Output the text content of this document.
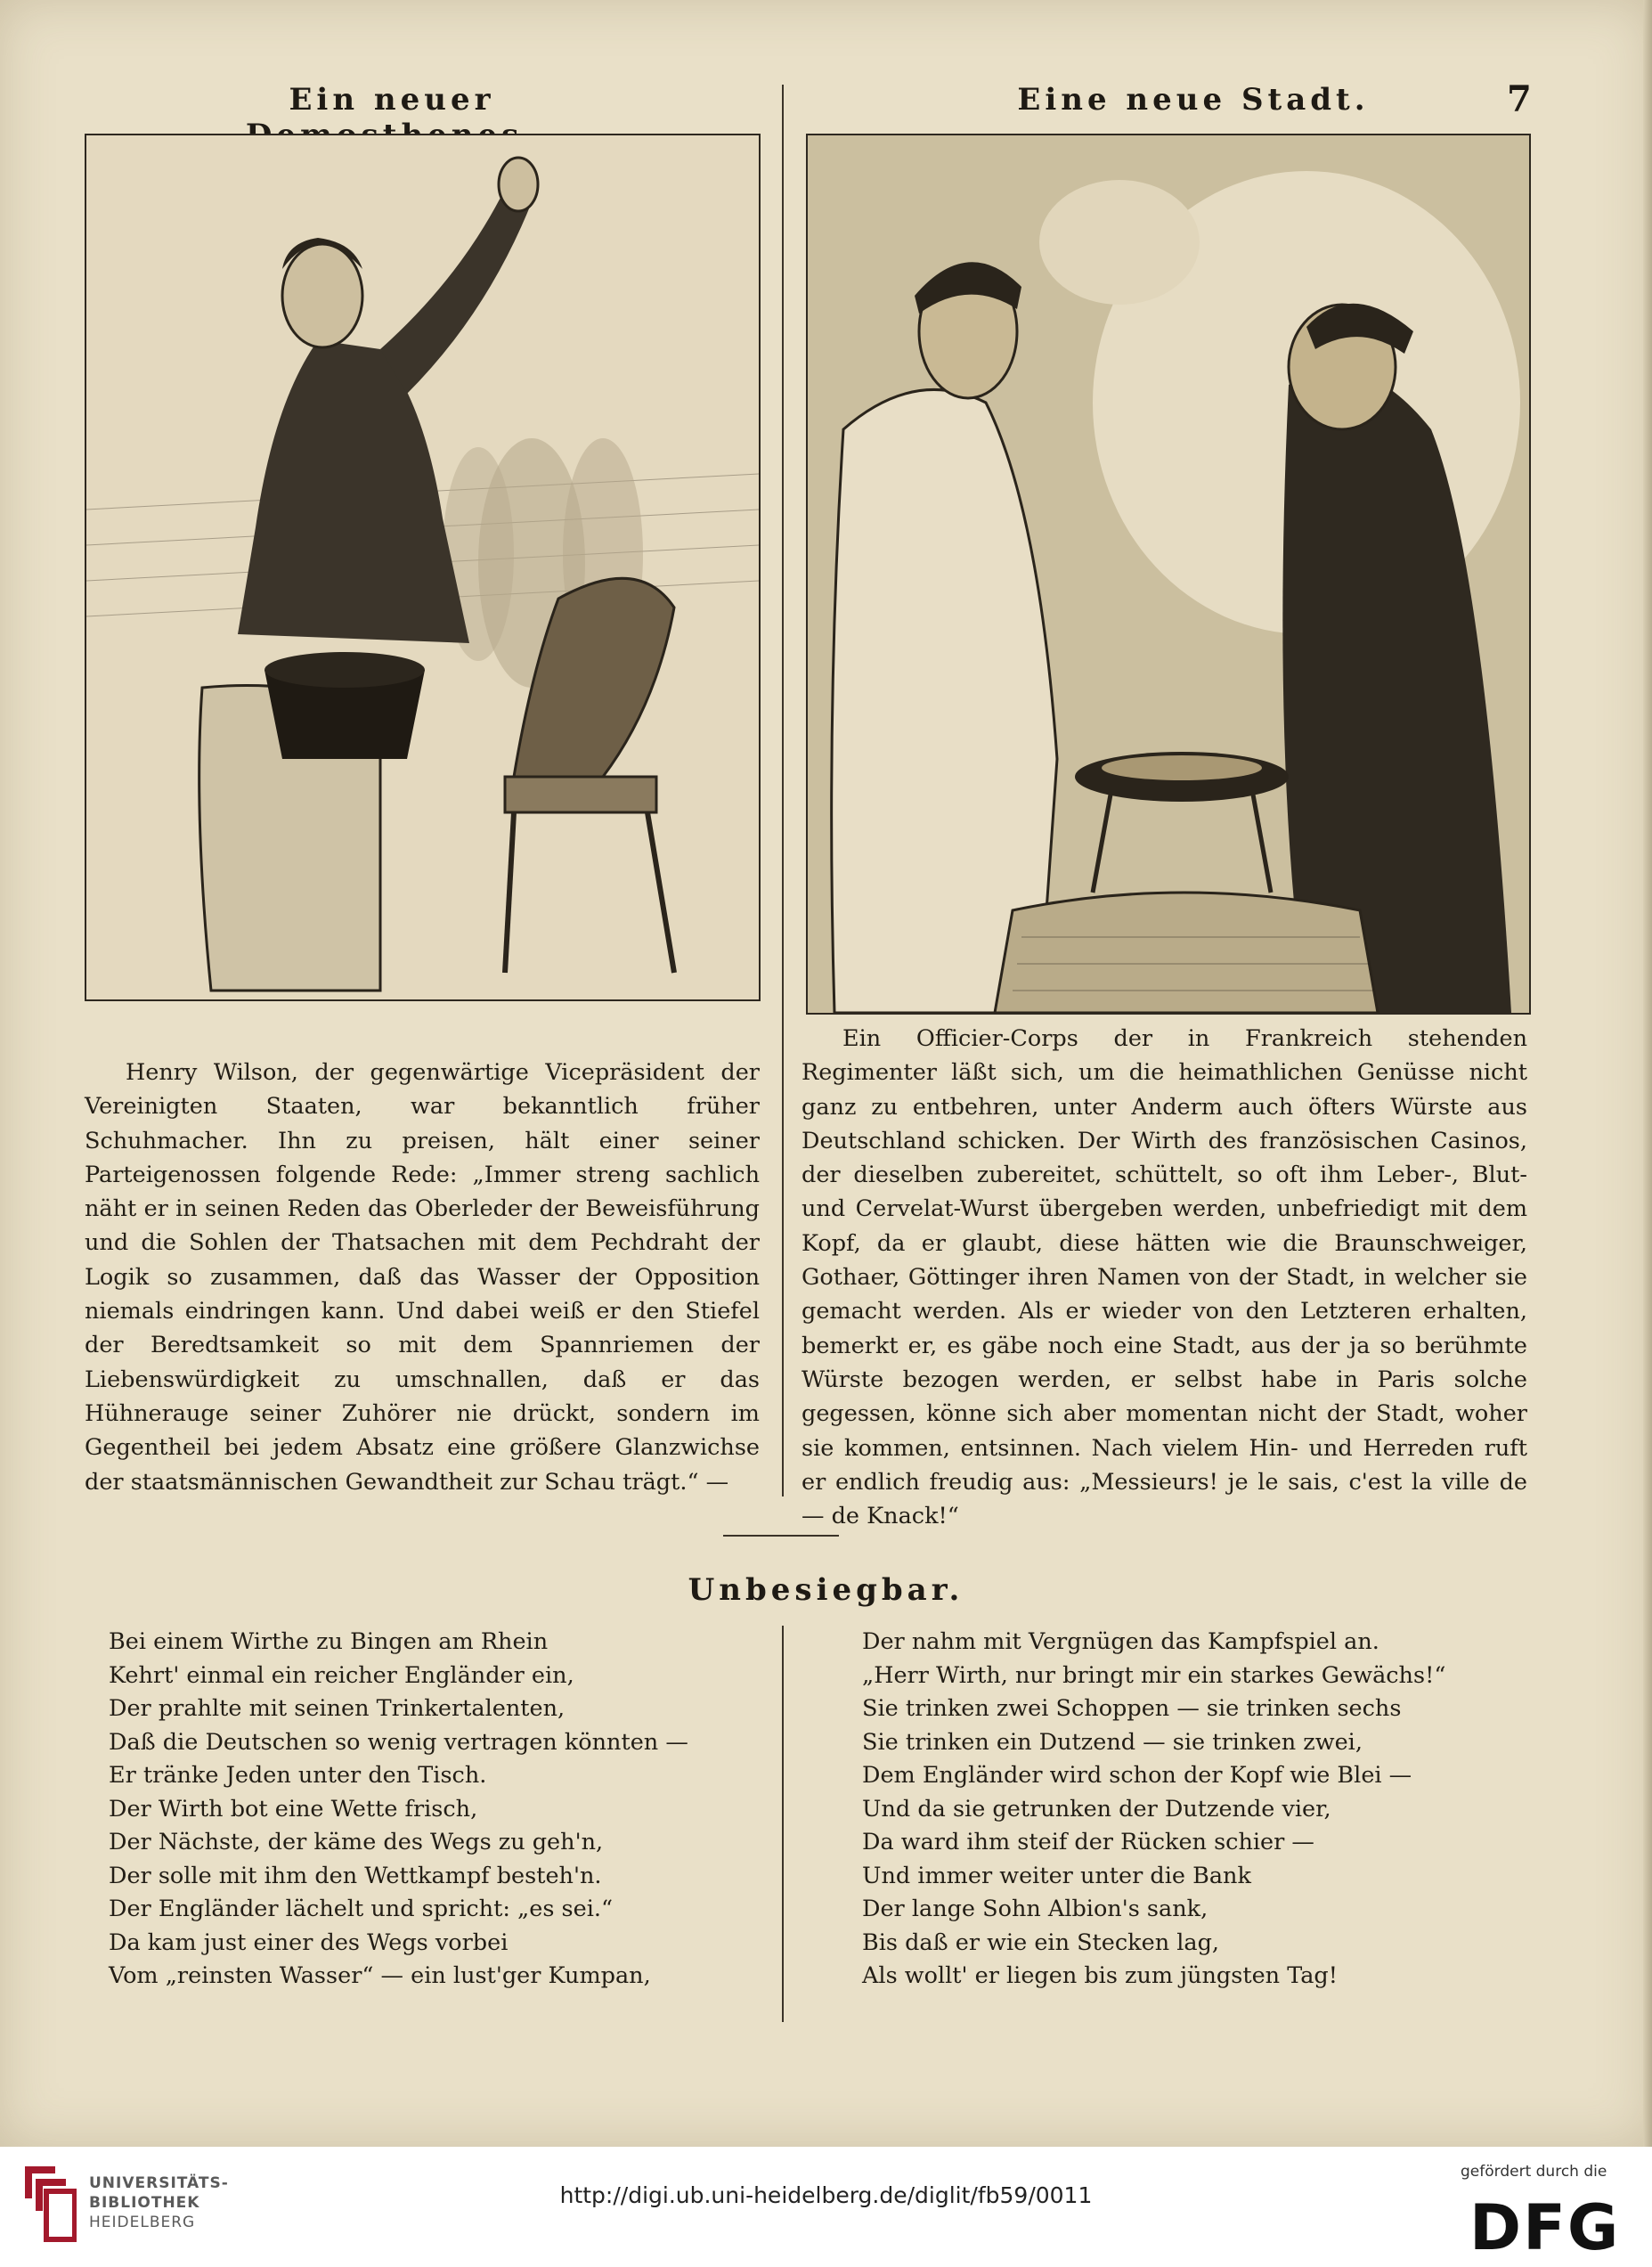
Ein neuer	Eine neue Stadt.	7

Henry Wilson, der gegenwärtige Vicepräsident der Vereinigten Staaten, war bekanntlich früher Schuhmacher. Ihn zu preisen, hält einer seiner Parteigenossen folgende Rede: „Immer streng sachlich näht er in seinen Reden das Oberleder der Beweisführung und die Sohlen der Thatsachen mit dem Pechdraht der Logik so zusammen, daß das Wasser der Opposition niemals eindringen kann. Und dabei weiß er den Stiefel der Beredtsamkeit so mit dem Spannriemen der Liebenswürdigkeit zu umschnallen, daß er das Hühnerauge seiner Zuhörer nie drückt, sondern im Gegentheil bei jedem Absatz eine größere Glanzwichse der staatsmännischen Gewandtheit zur Schau trägt.“ —

Ein Officier-Corps der in Frankreich stehenden Regimenter läßt sich, um die heimathlichen Genüsse nicht ganz zu entbehren, unter Anderm auch öfters Würste aus Deutschland schicken. Der Wirth des französischen Casinos, der dieselben zubereitet, schüttelt, so oft ihm Leber-, Blut- und Cervelat-Wurst übergeben werden, unbefriedigt mit dem Kopf, da er glaubt, diese hätten wie die Braunschweiger, Gothaer, Göttinger ihren Namen von der Stadt, in welcher sie gemacht werden. Als er wieder von den Letzteren erhalten, bemerkt er, es gäbe noch eine Stadt, aus der ja so berühmte Würste bezogen werden, er selbst habe in Paris solche gegessen, könne sich aber momentan nicht der Stadt, woher sie kommen, entsinnen. Nach vielem Hin- und Herreden ruft er endlich freudig aus: „Messieurs! je le sais, c'est la ville de — de Knack!“

Unbesiegbar.
Bei einem Wirthe zu Bingen am Rhein
Kehrt' einmal ein reicher Engländer ein,
Der prahlte mit seinen Trinkertalenten,
Daß die Deutschen so wenig vertragen könnten —
Er tränke Jeden unter den Tisch.
Der Wirth bot eine Wette frisch,
Der Nächste, der käme des Wegs zu geh'n,
Der solle mit ihm den Wettkampf besteh'n.
Der Engländer lächelt und spricht: „es sei.“
Da kam just einer des Wegs vorbei
Vom „reinsten Wasser“ — ein lust'ger Kumpan,
Der nahm mit Vergnügen das Kampfspiel an.
„Herr Wirth, nur bringt mir ein starkes Gewächs!“
Sie trinken zwei Schoppen — sie trinken sechs
Sie trinken ein Dutzend — sie trinken zwei,
Dem Engländer wird schon der Kopf wie Blei —
Und da sie getrunken der Dutzende vier,
Da ward ihm steif der Rücken schier —
Und immer weiter unter die Bank
Der lange Sohn Albion's sank,
Bis daß er wie ein Stecken lag,
Als wollt' er liegen bis zum jüngsten Tag!
UNIVERSITÄTS-
BIBLIOTHEK
HEIDELBERG
http://digi.ub.uni-heidelberg.de/diglit/fb59/0011
gefördert durch die
DFG
